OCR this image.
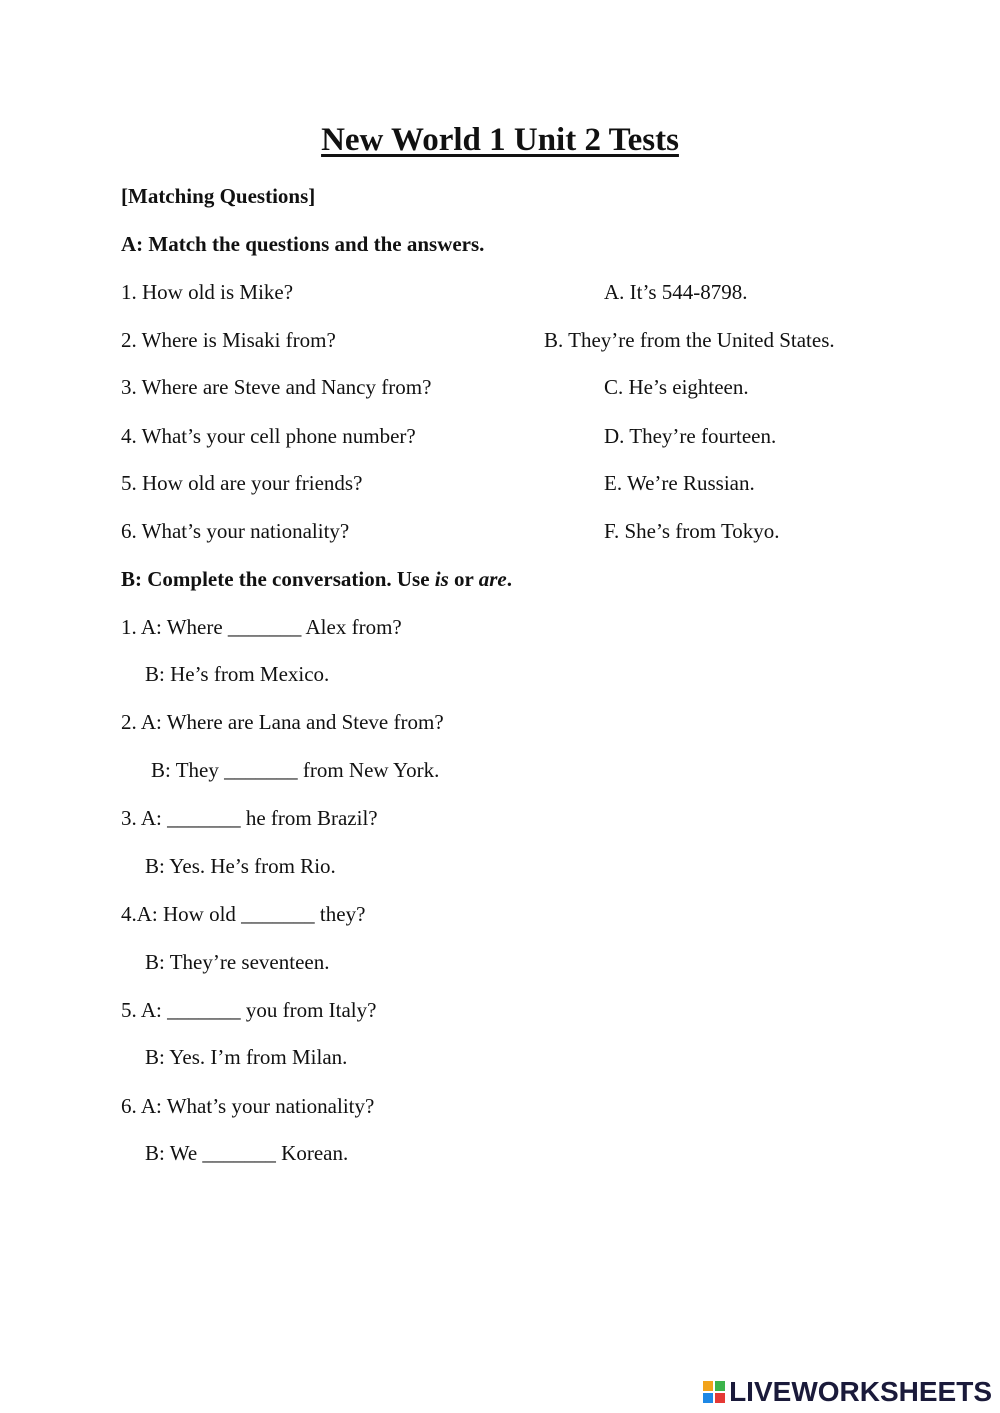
New World 1 Unit 2 Tests
[Matching Questions]
A: Match the questions and the answers.
1. How old is Mike?
2. Where is Misaki from?
3. Where are Steve and Nancy from?
4. What’s your cell phone number?
5. How old are your friends?
6. What’s your nationality?
A. It’s 544-8798.
B. They’re from the United States.
C. He’s eighteen.
D. They’re fourteen.
E. We’re Russian.
F. She’s from Tokyo.
B: Complete the conversation. Use is or are.
1. A: Where _______ Alex from?
B: He’s from Mexico.
2. A: Where are Lana and Steve from?
B: They _______ from New York.
3. A: _______ he from Brazil?
B: Yes. He’s from Rio.
4.A: How old _______ they?
B: They’re seventeen.
5. A: _______ you from Italy?
B: Yes. I’m from Milan.
6. A: What’s your nationality?
B: We _______ Korean.
LIVEWORKSHEETS
